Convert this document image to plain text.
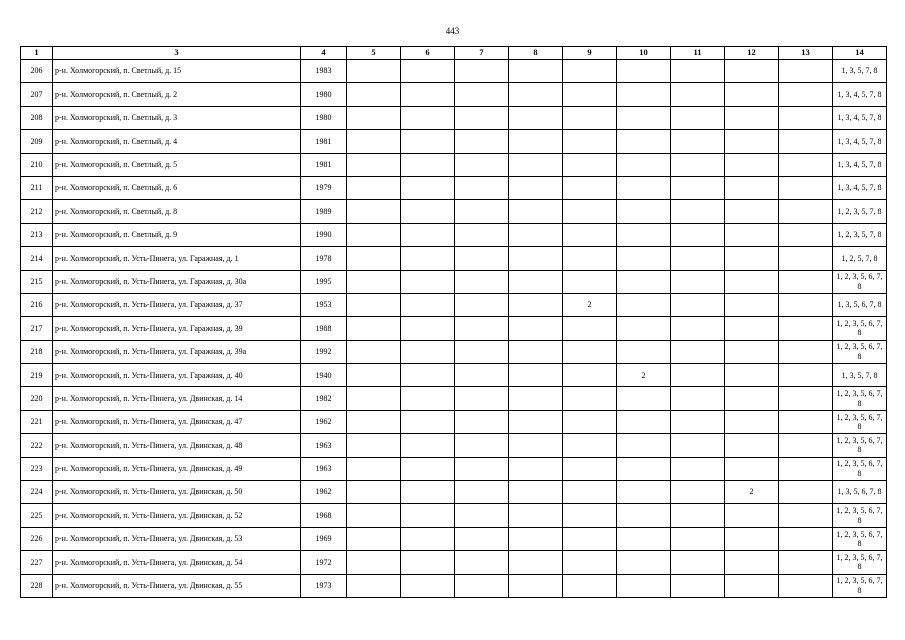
443
1	3	4	5	6	7	8	9	10	11	12	13	14
206	р-н. Холмогорский, п. Светлый, д. 15	1983										1, 3, 5, 7, 8
207	р-н. Холмогорский, п. Светлый, д. 2	1980										1, 3, 4, 5, 7, 8
208	р-н. Холмогорский, п. Светлый, д. 3	1980										1, 3, 4, 5, 7, 8
209	р-н. Холмогорский, п. Светлый, д. 4	1981										1, 3, 4, 5, 7, 8
210	р-н. Холмогорский, п. Светлый, д. 5	1981										1, 3, 4, 5, 7, 8
211	р-н. Холмогорский, п. Светлый, д. 6	1979										1, 3, 4, 5, 7, 8
212	р-н. Холмогорский, п. Светлый, д. 8	1989										1, 2, 3, 5, 7, 8
213	р-н. Холмогорский, п. Светлый, д. 9	1990										1, 2, 3, 5, 7, 8
214	р-н. Холмогорский, п. Усть-Пинега, ул. Гаражная, д. 1	1978										1, 2, 5, 7, 8
215	р-н. Холмогорский, п. Усть-Пинега, ул. Гаражная, д. 30а	1995										1, 2, 3, 5, 6, 7, 8
216	р-н. Холмогорский, п. Усть-Пинега, ул. Гаражная, д. 37	1953					2					1, 3, 5, 6, 7, 8
217	р-н. Холмогорский, п. Усть-Пинега, ул. Гаражная, д. 39	1988										1, 2, 3, 5, 6, 7, 8
218	р-н. Холмогорский, п. Усть-Пинега, ул. Гаражная, д. 39а	1992										1, 2, 3, 5, 6, 7, 8
219	р-н. Холмогорский, п. Усть-Пинега, ул. Гаражная, д. 40	1940						2				1, 3, 5, 7, 8
220	р-н. Холмогорский, п. Усть-Пинега, ул. Двинская, д. 14	1982										1, 2, 3, 5, 6, 7, 8
221	р-н. Холмогорский, п. Усть-Пинега, ул. Двинская, д. 47	1962										1, 2, 3, 5, 6, 7, 8
222	р-н. Холмогорский, п. Усть-Пинега, ул. Двинская, д. 48	1963										1, 2, 3, 5, 6, 7, 8
223	р-н. Холмогорский, п. Усть-Пинега, ул. Двинская, д. 49	1963										1, 2, 3, 5, 6, 7, 8
224	р-н. Холмогорский, п. Усть-Пинега, ул. Двинская, д. 50	1962								2		1, 3, 5, 6, 7, 8
225	р-н. Холмогорский, п. Усть-Пинега, ул. Двинская, д. 52	1968										1, 2, 3, 5, 6, 7, 8
226	р-н. Холмогорский, п. Усть-Пинега, ул. Двинская, д. 53	1969										1, 2, 3, 5, 6, 7, 8
227	р-н. Холмогорский, п. Усть-Пинега, ул. Двинская, д. 54	1972										1, 2, 3, 5, 6, 7, 8
228	р-н. Холмогорский, п. Усть-Пинега, ул. Двинская, д. 55	1973										1, 2, 3, 5, 6, 7, 8
